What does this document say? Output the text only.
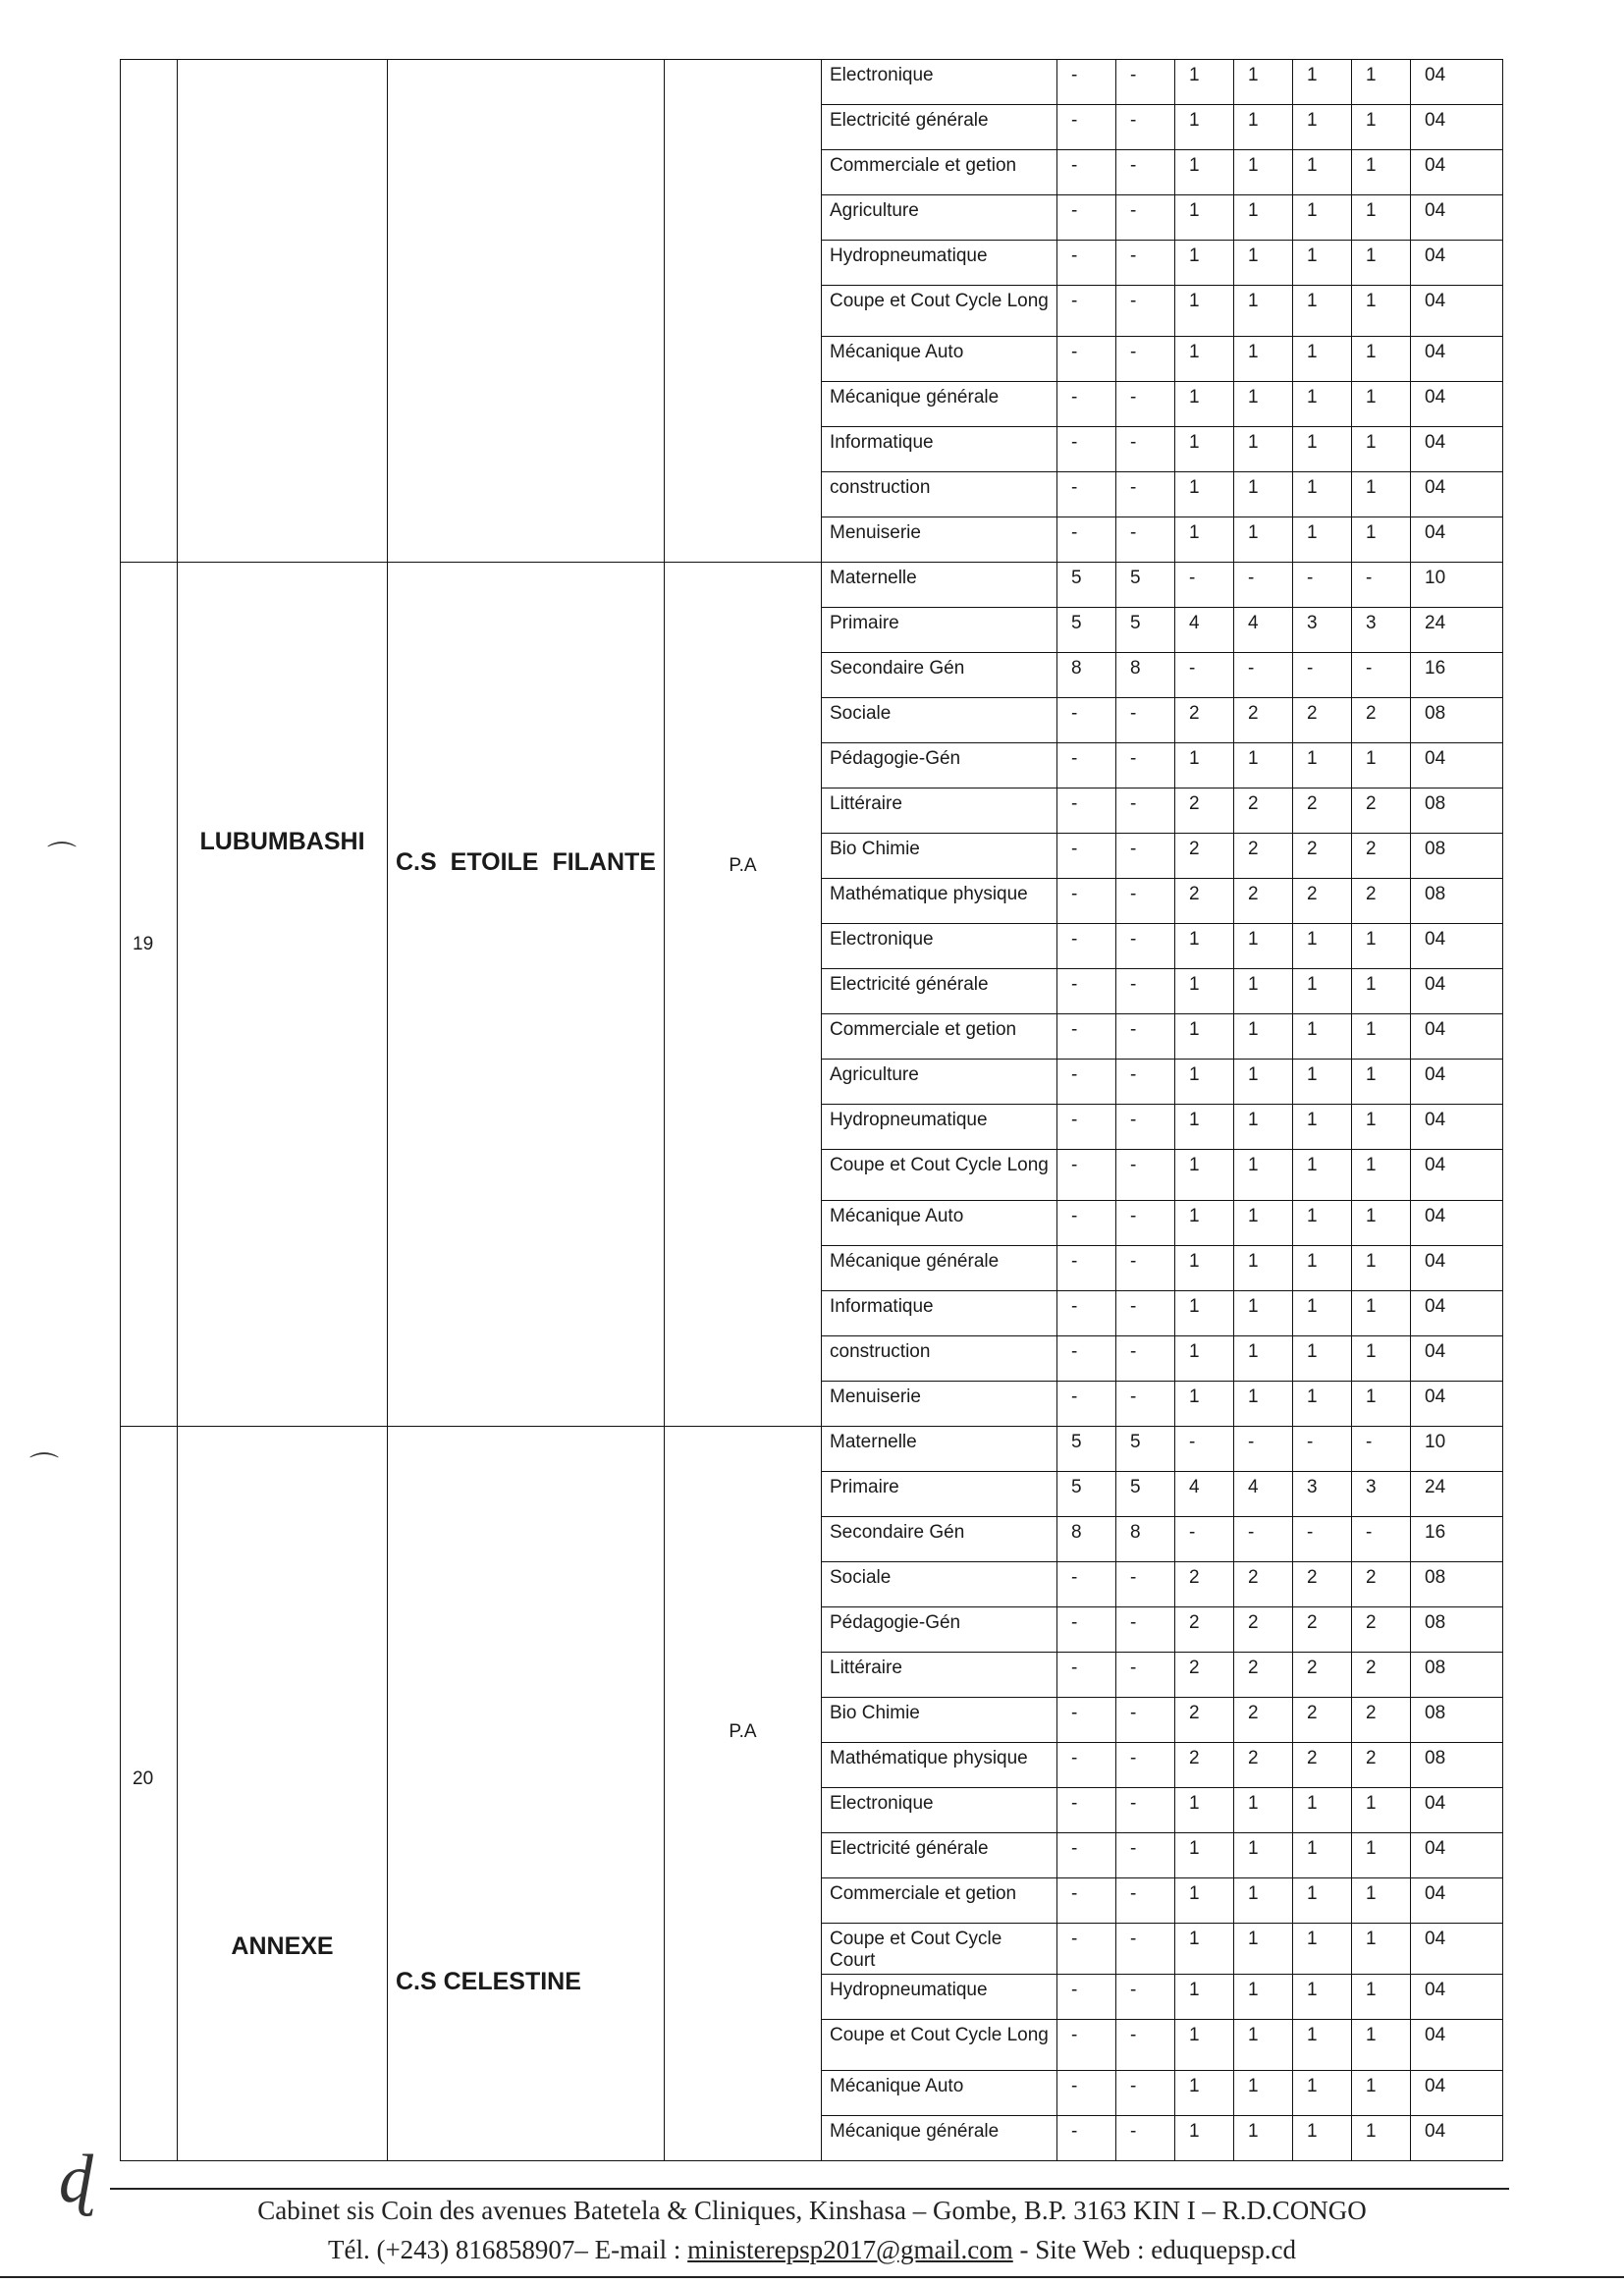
				Electronique	-	-	1	1	1	1	04
				Electricité générale	-	-	1	1	1	1	04
				Commerciale et getion	-	-	1	1	1	1	04
				Agriculture	-	-	1	1	1	1	04
				Hydropneumatique	-	-	1	1	1	1	04
				Coupe et Cout Cycle Long	-	-	1	1	1	1	04
				Mécanique Auto	-	-	1	1	1	1	04
				Mécanique générale	-	-	1	1	1	1	04
				Informatique	-	-	1	1	1	1	04
				construction	-	-	1	1	1	1	04
				Menuiserie	-	-	1	1	1	1	04

19	LUBUMBASHI	C.S ETOILE FILANTE	P.A	Maternelle	5	5	-	-	-	-	10
				Primaire	5	5	4	4	3	3	24
				Secondaire Gén	8	8	-	-	-	-	16
				Sociale	-	-	2	2	2	2	08
				Pédagogie-Gén	-	-	1	1	1	1	04
				Littéraire	-	-	2	2	2	2	08
				Bio Chimie	-	-	2	2	2	2	08
				Mathématique physique	-	-	2	2	2	2	08
				Electronique	-	-	1	1	1	1	04
				Electricité générale	-	-	1	1	1	1	04
				Commerciale et getion	-	-	1	1	1	1	04
				Agriculture	-	-	1	1	1	1	04
				Hydropneumatique	-	-	1	1	1	1	04
				Coupe et Cout Cycle Long	-	-	1	1	1	1	04
				Mécanique Auto	-	-	1	1	1	1	04
				Mécanique générale	-	-	1	1	1	1	04
				Informatique	-	-	1	1	1	1	04
				construction	-	-	1	1	1	1	04
				Menuiserie	-	-	1	1	1	1	04

20	ANNEXE	C.S CELESTINE	P.A	Maternelle	5	5	-	-	-	-	10
				Primaire	5	5	4	4	3	3	24
				Secondaire Gén	8	8	-	-	-	-	16
				Sociale	-	-	2	2	2	2	08
				Pédagogie-Gén	-	-	2	2	2	2	08
				Littéraire	-	-	2	2	2	2	08
				Bio Chimie	-	-	2	2	2	2	08
				Mathématique physique	-	-	2	2	2	2	08
				Electronique	-	-	1	1	1	1	04
				Electricité générale	-	-	1	1	1	1	04
				Commerciale et getion	-	-	1	1	1	1	04
				Coupe et Cout Cycle Court	-	-	1	1	1	1	04
				Hydropneumatique	-	-	1	1	1	1	04
				Coupe et Cout Cycle Long	-	-	1	1	1	1	04
				Mécanique Auto	-	-	1	1	1	1	04
				Mécanique générale	-	-	1	1	1	1	04
⌒
⌒
ɖ	Cabinet sis Coin des avenues Batetela & Cliniques, Kinshasa – Gombe, B.P. 3163 KIN I – R.D.CONGO
Tél. (+243) 816858907– E-mail : ministerepsp2017@gmail.com - Site Web : eduquepsp.cd
